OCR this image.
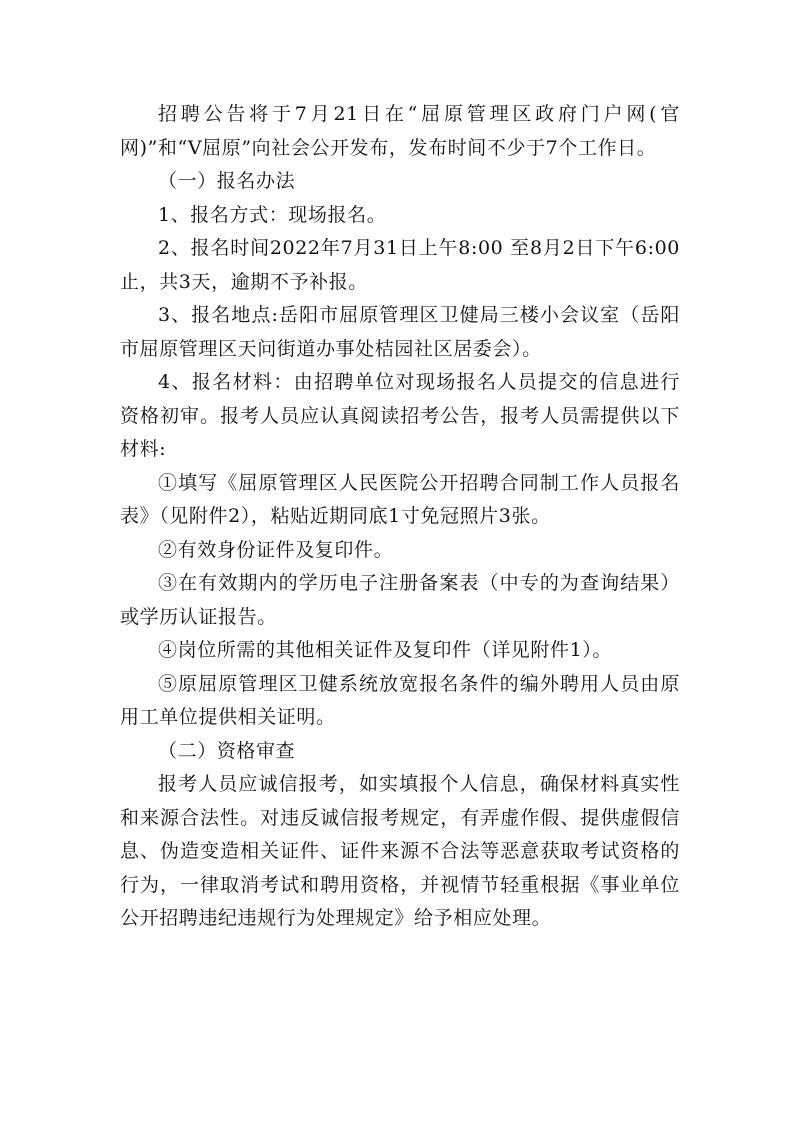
招聘公告将于7月21日在“屈原管理区政府门户网(官网)”和“V屈原”向社会公开发布，发布时间不少于7个工作日。

（一）报名办法

1、报名方式：现场报名。

2、报名时间2022年7月31日上午8:00 至8月2日下午6:00止，共3天，逾期不予补报。

3、报名地点:岳阳市屈原管理区卫健局三楼小会议室（岳阳市屈原管理区天问街道办事处桔园社区居委会）。

4、报名材料：由招聘单位对现场报名人员提交的信息进行资格初审。报考人员应认真阅读招考公告，报考人员需提供以下材料:

①填写《屈原管理区人民医院公开招聘合同制工作人员报名表》（见附件2），粘贴近期同底1寸免冠照片3张。

②有效身份证件及复印件。

③在有效期内的学历电子注册备案表（中专的为查询结果）或学历认证报告。

④岗位所需的其他相关证件及复印件（详见附件1）。

⑤原屈原管理区卫健系统放宽报名条件的编外聘用人员由原用工单位提供相关证明。

（二）资格审查

报考人员应诚信报考，如实填报个人信息，确保材料真实性和来源合法性。对违反诚信报考规定，有弄虚作假、提供虚假信息、伪造变造相关证件、证件来源不合法等恶意获取考试资格的行为，一律取消考试和聘用资格，并视情节轻重根据《事业单位公开招聘违纪违规行为处理规定》给予相应处理。
